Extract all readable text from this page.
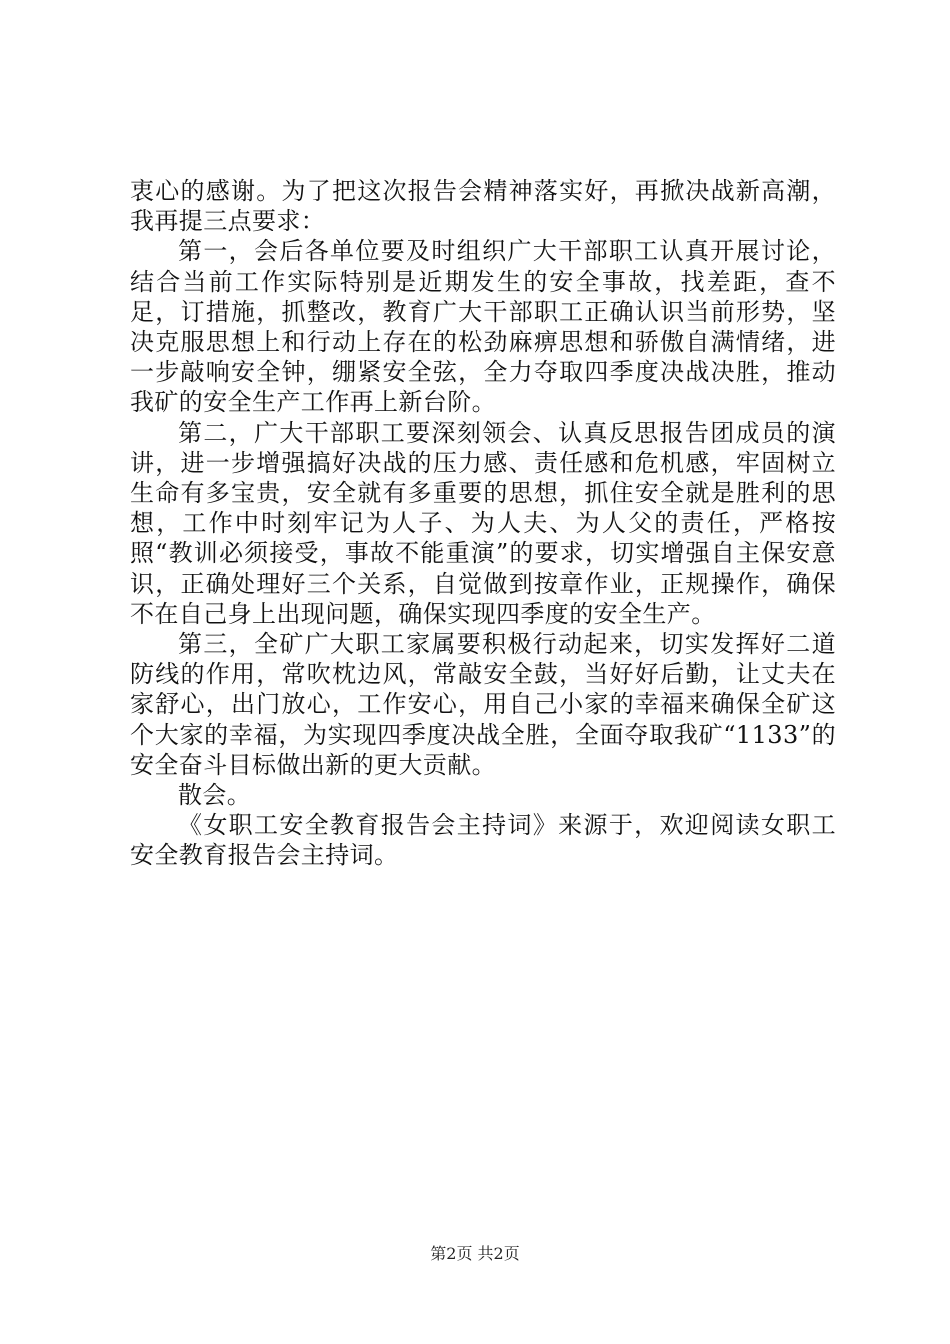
衷心的感谢。为了把这次报告会精神落实好，再掀决战新高潮，我再提三点要求：

第一，会后各单位要及时组织广大干部职工认真开展讨论，结合当前工作实际特别是近期发生的安全事故，找差距，查不足，订措施，抓整改，教育广大干部职工正确认识当前形势，坚决克服思想上和行动上存在的松劲麻痹思想和骄傲自满情绪，进一步敲响安全钟，绷紧安全弦，全力夺取四季度决战决胜，推动我矿的安全生产工作再上新台阶。

第二，广大干部职工要深刻领会、认真反思报告团成员的演讲，进一步增强搞好决战的压力感、责任感和危机感，牢固树立生命有多宝贵，安全就有多重要的思想，抓住安全就是胜利的思想，工作中时刻牢记为人子、为人夫、为人父的责任，严格按照“教训必须接受，事故不能重演”的要求，切实增强自主保安意识，正确处理好三个关系，自觉做到按章作业，正规操作，确保不在自己身上出现问题，确保实现四季度的安全生产。

第三，全矿广大职工家属要积极行动起来，切实发挥好二道防线的作用，常吹枕边风，常敲安全鼓，当好好后勤，让丈夫在家舒心，出门放心，工作安心，用自己小家的幸福来确保全矿这个大家的幸福，为实现四季度决战全胜，全面夺取我矿“1133”的安全奋斗目标做出新的更大贡献。

散会。

《女职工安全教育报告会主持词》来源于，欢迎阅读女职工安全教育报告会主持词。

第2页 共2页
